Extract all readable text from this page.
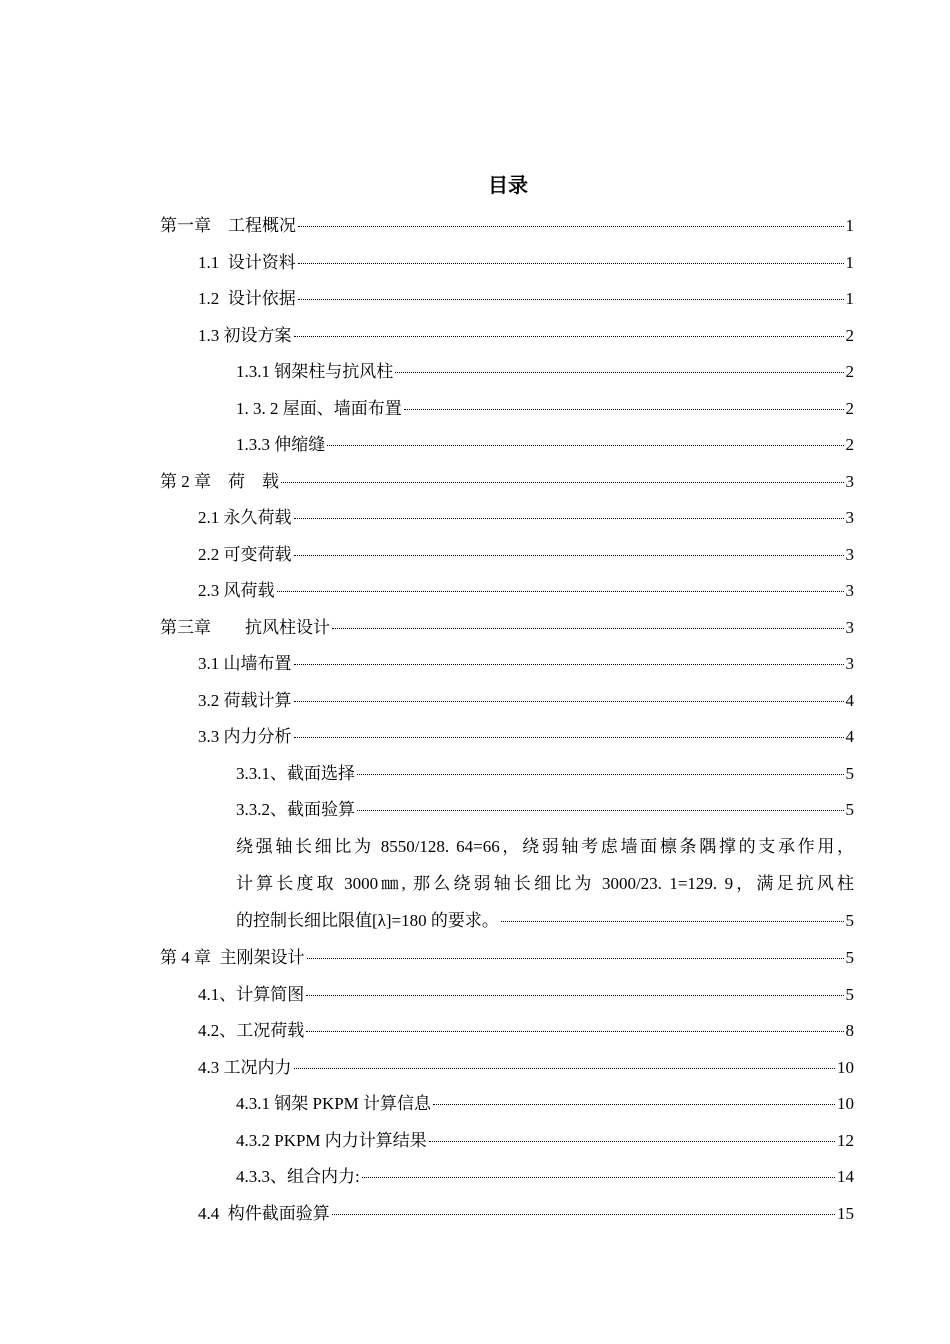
目录
第一章　工程概况	1
1.1  设计资料	1
1.2  设计依据	1
1.3 初设方案	2
1.3.1 钢架柱与抗风柱	2
1. 3. 2 屋面、墙面布置	2
1.3.3 伸缩缝	2
第 2 章　荷　载	3
2.1 永久荷载	3
2.2 可变荷载	3
2.3 风荷载	3
第三章　　抗风柱设计	3
3.1 山墙布置	3
3.2 荷载计算	4
3.3 内力分析	4
3.3.1、截面选择	5
3.3.2、截面验算	5
绕强轴长细比为 8550/128. 64=66，绕弱轴考虑墙面檩条隅撑的支承作用，
计算长度取 3000㎜, 那么绕弱轴长细比为 3000/23. 1=129. 9，满足抗风柱
的控制长细比限值[λ]=180 的要求。	5
第 4 章  主刚架设计	5
4.1、计算简图	5
4.2、工况荷载	8
4.3 工况内力	10
4.3.1 钢架 PKPM 计算信息	10
4.3.2 PKPM 内力计算结果	12
4.3.3、组合内力:	14
4.4  构件截面验算	15
